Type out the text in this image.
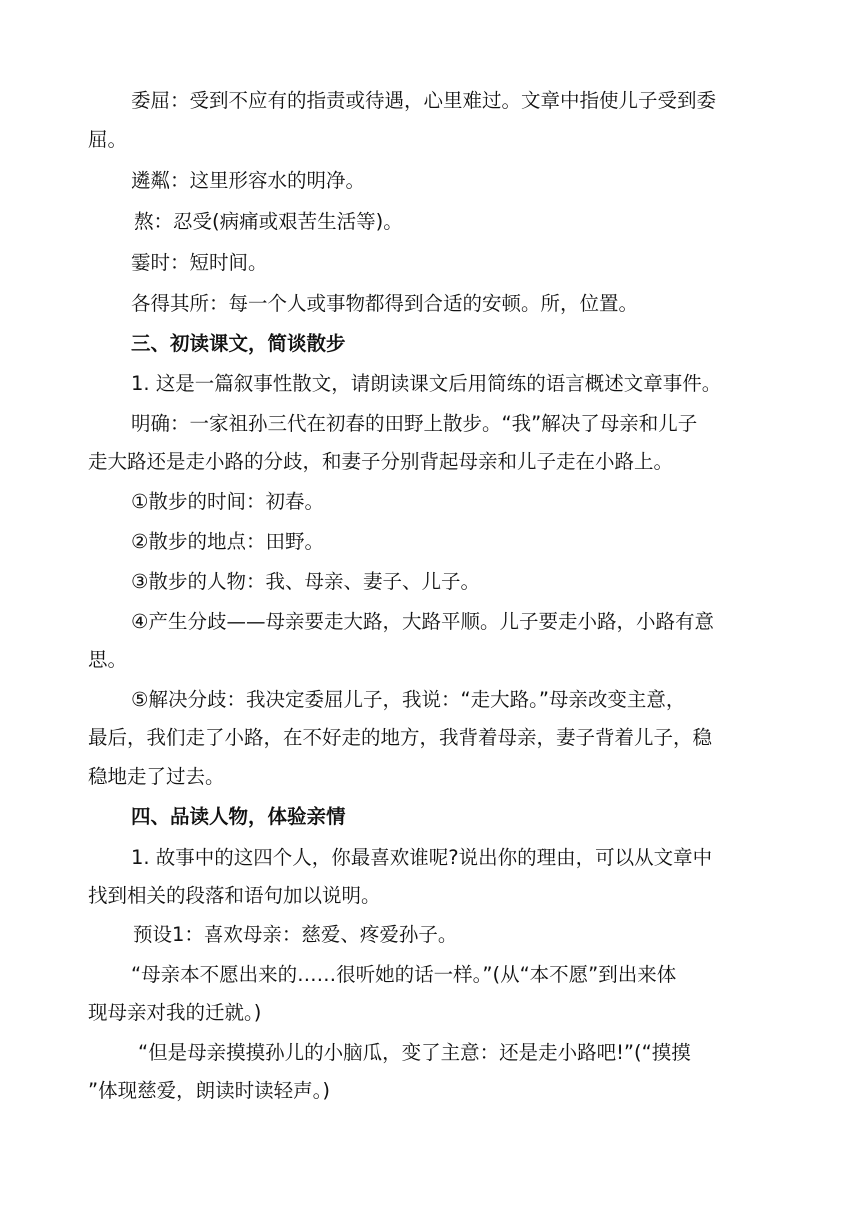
委屈：受到不应有的指责或待遇，心里难过。文章中指使儿子受到委

屈。

遴粼：这里形容水的明净。

熬：忍受(病痛或艰苦生活等)。

霎时：短时间。

各得其所：每一个人或事物都得到合适的安顿。所，位置。

三、初读课文，简谈散步

1. 这是一篇叙事性散文，请朗读课文后用简练的语言概述文章事件。

明确：一家祖孙三代在初春的田野上散步。“我”解决了母亲和儿子

走大路还是走小路的分歧，和妻子分别背起母亲和儿子走在小路上。

①散步的时间：初春。

②散步的地点：田野。

③散步的人物：我、母亲、妻子、儿子。

④产生分歧——母亲要走大路，大路平顺。儿子要走小路，小路有意

思。

⑤解决分歧：我决定委屈儿子，我说：“走大路。”母亲改变主意，

最后，我们走了小路，在不好走的地方，我背着母亲，妻子背着儿子，稳

稳地走了过去。

四、品读人物，体验亲情

1. 故事中的这四个人，你最喜欢谁呢?说出你的理由，可以从文章中

找到相关的段落和语句加以说明。

预设1：喜欢母亲：慈爱、疼爱孙子。

“母亲本不愿出来的……很听她的话一样。”(从“本不愿”到出来体

现母亲对我的迁就。)

“但是母亲摸摸孙儿的小脑瓜，变了主意：还是走小路吧!”(“摸摸

”体现慈爱，朗读时读轻声。)
